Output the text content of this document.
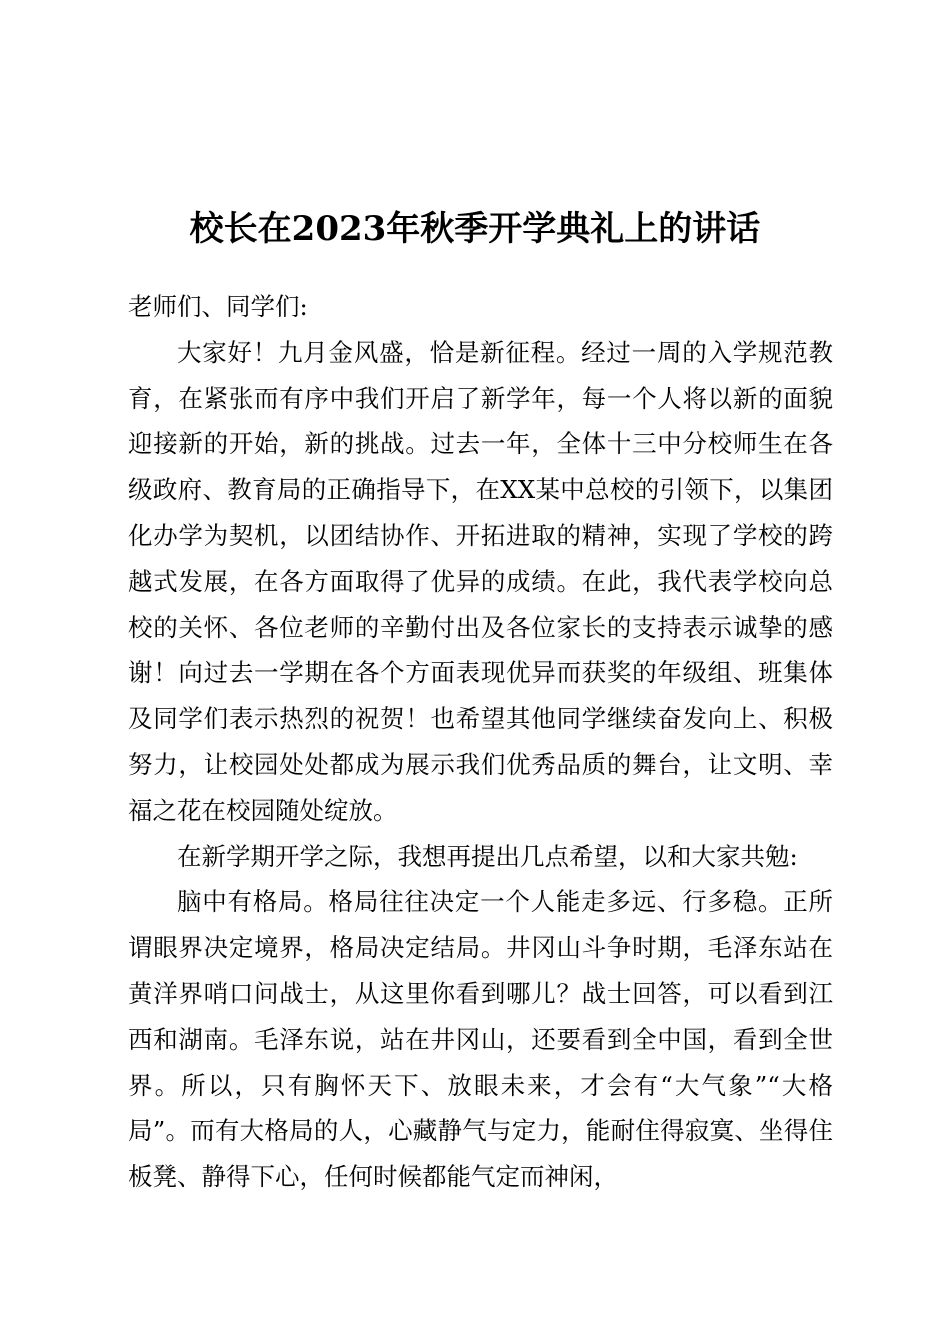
校长在2023年秋季开学典礼上的讲话

老师们、同学们:

大家好！九月金风盛，恰是新征程。经过一周的入学规范教育，在紧张而有序中我们开启了新学年，每一个人将以新的面貌迎接新的开始，新的挑战。过去一年，全体十三中分校师生在各级政府、教育局的正确指导下，在XX某中总校的引领下，以集团化办学为契机，以团结协作、开拓进取的精神，实现了学校的跨越式发展，在各方面取得了优异的成绩。在此，我代表学校向总校的关怀、各位老师的辛勤付出及各位家长的支持表示诚挚的感谢！向过去一学期在各个方面表现优异而获奖的年级组、班集体及同学们表示热烈的祝贺！也希望其他同学继续奋发向上、积极努力，让校园处处都成为展示我们优秀品质的舞台，让文明、幸福之花在校园随处绽放。

在新学期开学之际，我想再提出几点希望，以和大家共勉:

脑中有格局。格局往往决定一个人能走多远、行多稳。正所谓眼界决定境界，格局决定结局。井冈山斗争时期，毛泽东站在黄洋界哨口问战士，从这里你看到哪儿？战士回答，可以看到江西和湖南。毛泽东说，站在井冈山，还要看到全中国，看到全世界。所以，只有胸怀天下、放眼未来，才会有“大气象”“大格局”。而有大格局的人，心藏静气与定力，能耐住得寂寞、坐得住板凳、静得下心，任何时候都能气定而神闲，
